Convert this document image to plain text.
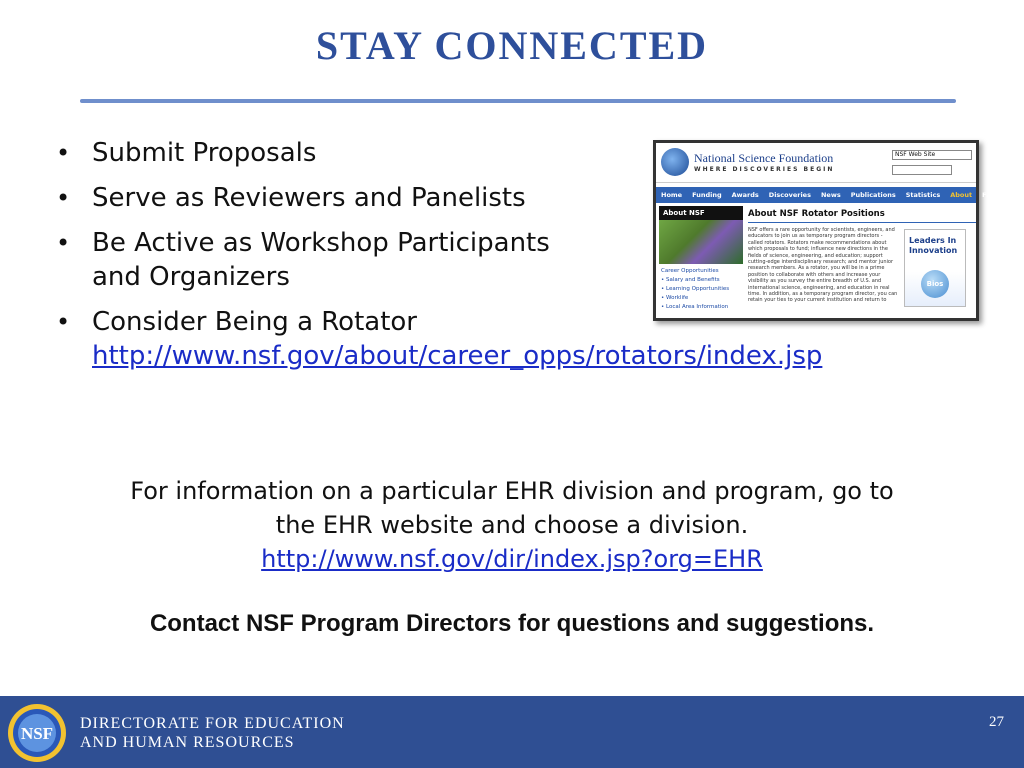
STAY CONNECTED
• Submit Proposals
• Serve as Reviewers and Panelists
• Be Active as Workshop Participants
and Organizers
• Consider Being a Rotator
http://www.nsf.gov/about/career_opps/rotators/index.jsp
National Science Foundation
WHERE DISCOVERIES BEGIN
NSF Web Site
Home	Funding	Awards	Discoveries	News	Publications	Statistics	About	FastLane
About NSF
Career Opportunities
• Salary and Benefits
• Learning Opportunities
• Worklife
• Local Area Information
About NSF Rotator Positions
NSF offers a rare opportunity for scientists, engineers, and educators to join us as temporary program directors - called rotators. Rotators make recommendations about which proposals to fund; influence new directions in the fields of science, engineering, and education; support cutting-edge interdisciplinary research; and mentor junior research members. As a rotator, you will be in a prime position to collaborate with others and increase your visibility as you survey the entire breadth of U.S. and international science, engineering, and education in real time. In addition, as a temporary program director, you can retain your ties to your current institution and return to
Leaders In
Innovation
Bios
For information on a particular EHR division and program, go to
the EHR website and choose a division.
http://www.nsf.gov/dir/index.jsp?org=EHR
Contact NSF Program Directors for questions and suggestions.
NSF
DIRECTORATE FOR EDUCATION
AND HUMAN RESOURCES
27
